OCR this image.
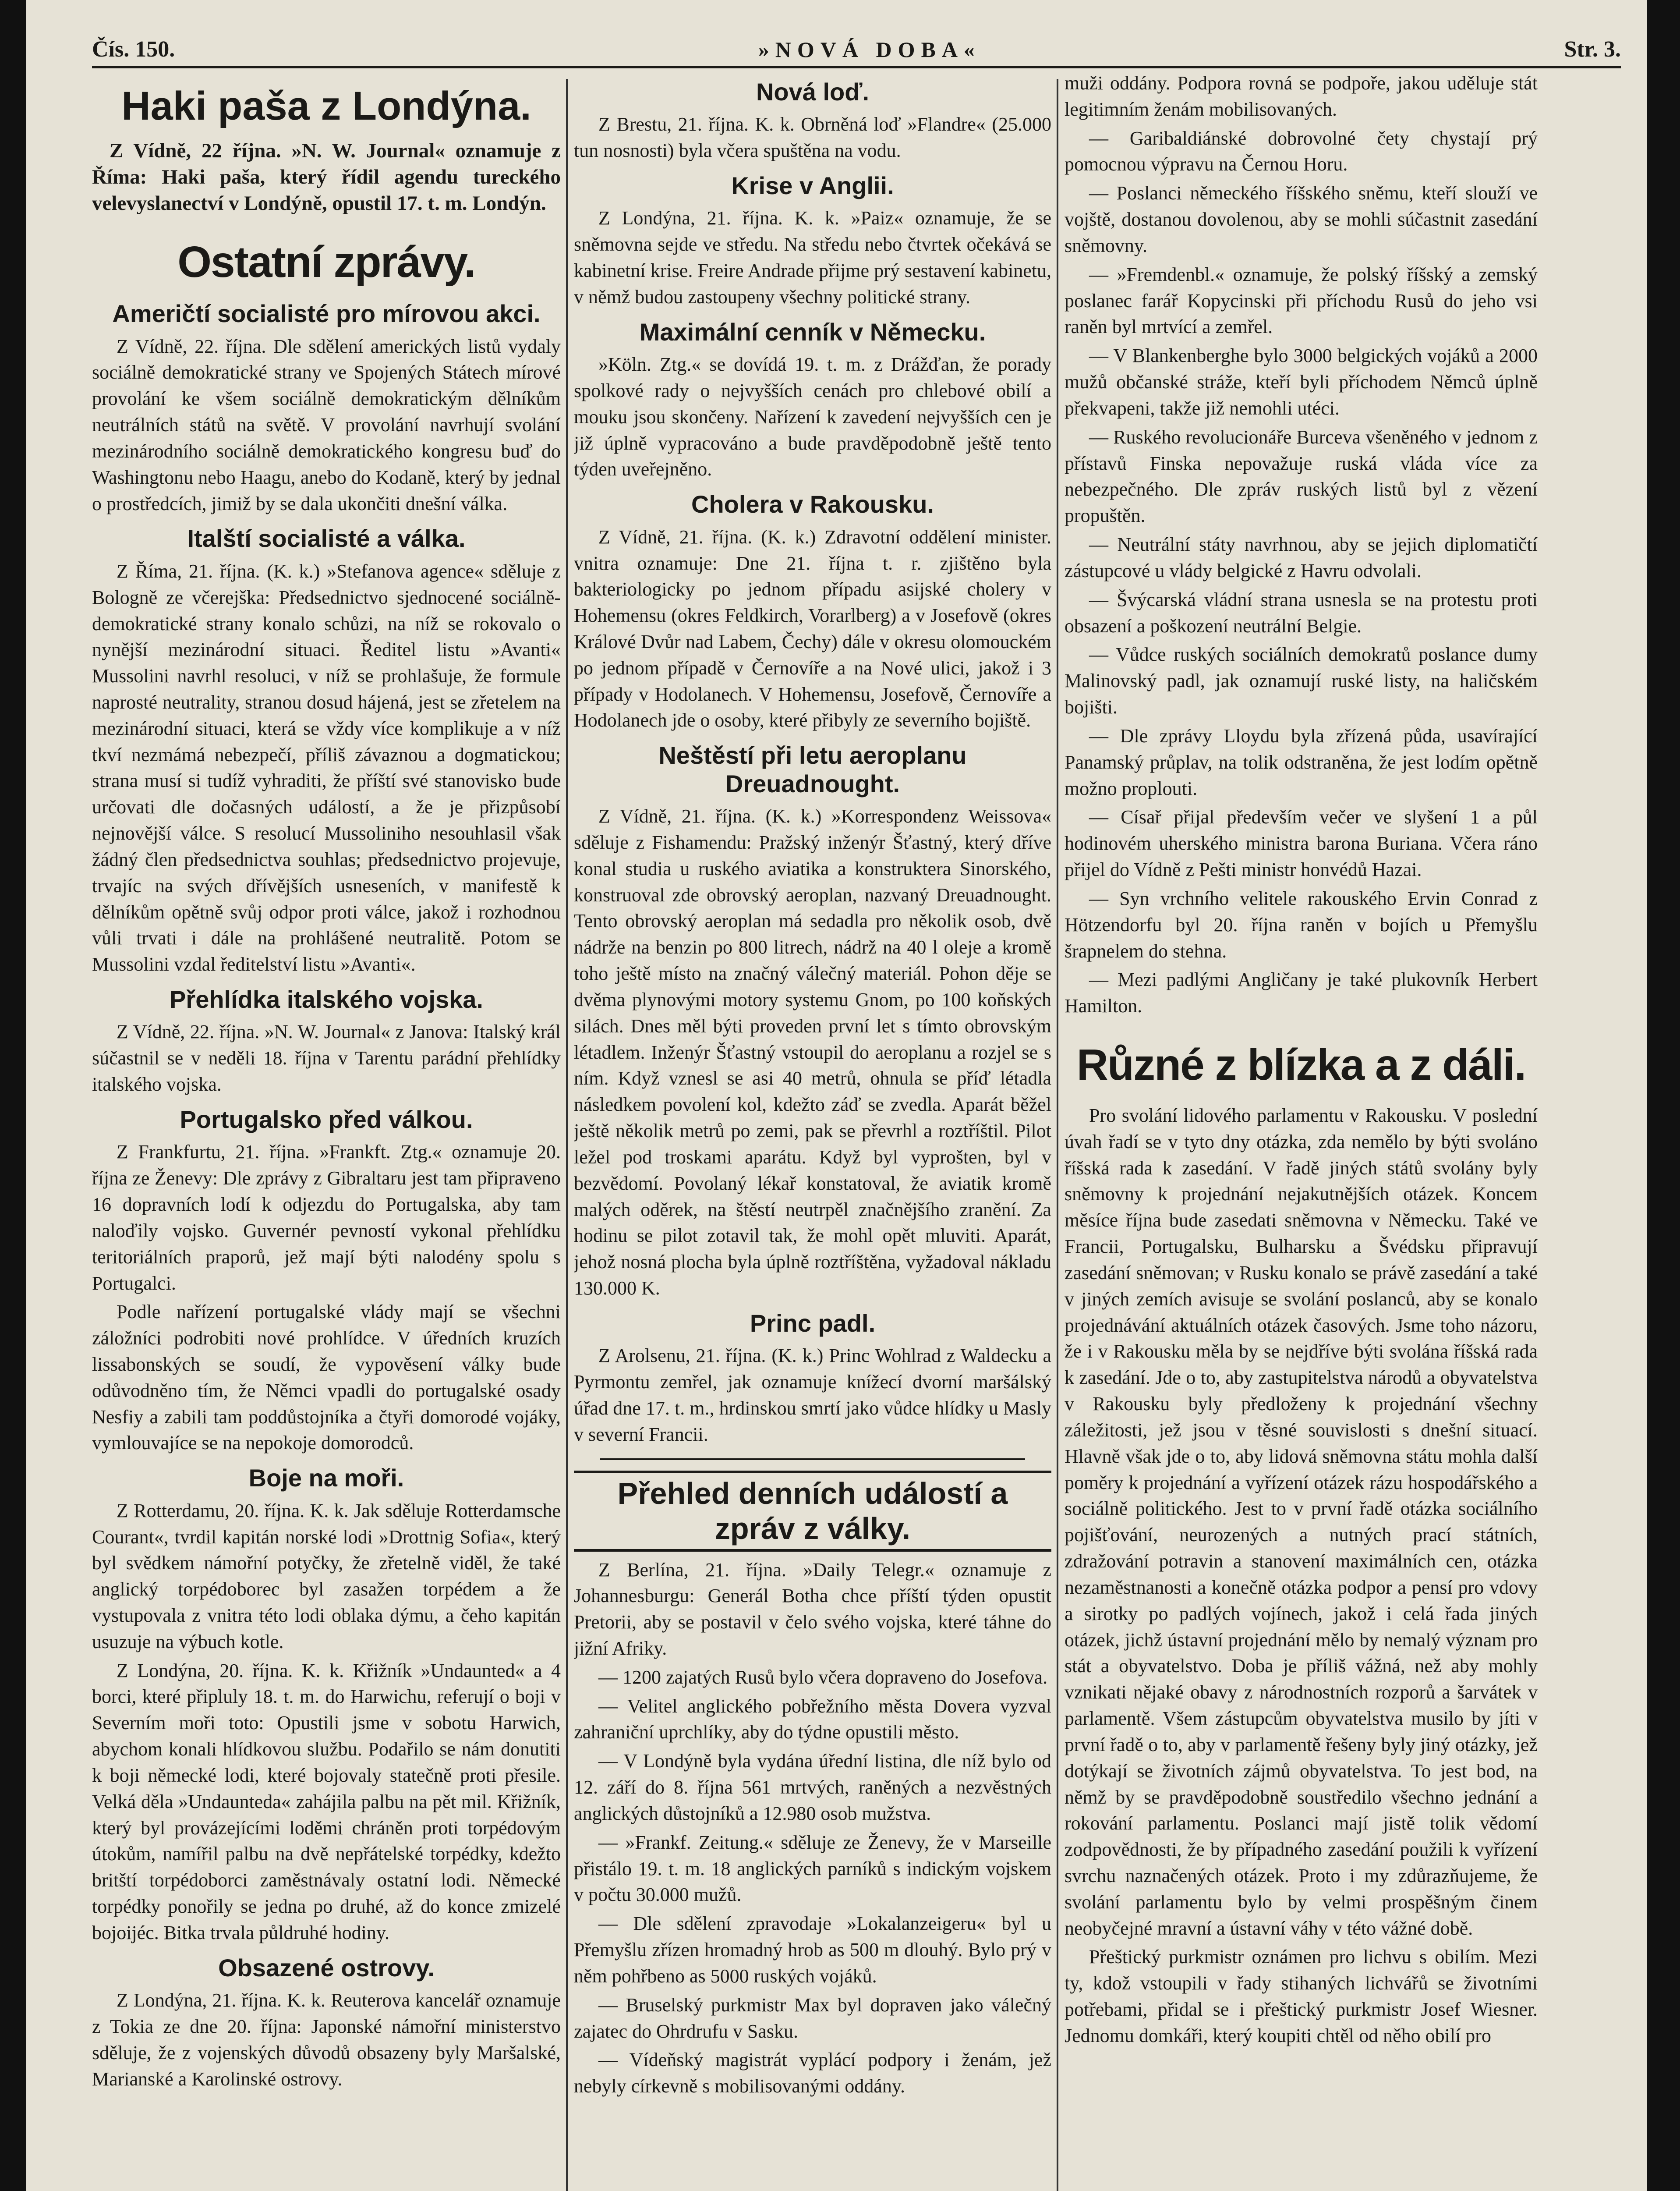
Čís. 150.	»NOVÁ DOBA«	Str. 3.
Haki paša z Londýna.

Z Vídně, 22 října. »N. W. Journal« oznamuje z Říma: Haki paša, který řídil agendu tureckého velevyslanectví v Londýně, opustil 17. t. m. Londýn.

Ostatní zprávy.
Američtí socialisté pro mírovou akci.

Z Vídně, 22. října. Dle sdělení amerických listů vydaly sociálně demokratické strany ve Spojených Státech mírové provolání ke všem sociálně demokratickým dělníkům neutrálních států na světě. V provolání navrhují svolání mezinárodního sociálně demokratického kongresu buď do Washingtonu nebo Haagu, anebo do Kodaně, který by jednal o prostředcích, jimiž by se dala ukončiti dnešní válka.

Italští socialisté a válka.

Z Říma, 21. října. (K. k.) »Stefanova agence« sděluje z Bologně ze včerejška: Předsednictvo sjednocené sociálně-demokratické strany konalo schůzi, na níž se rokovalo o nynější mezinárodní situaci. Ředitel listu »Avanti« Mussolini navrhl resoluci, v níž se prohlašuje, že formule naprosté neutrality, stranou dosud hájená, jest se zřetelem na mezinárodní situaci, která se vždy více komplikuje a v níž tkví nezmámá nebezpečí, příliš závaznou a dogmatickou; strana musí si tudíž vyhraditi, že příští své stanovisko bude určovati dle dočasných událostí, a že je přizpůsobí nejnovější válce. S resolucí Mussoliniho nesouhlasil však žádný člen předsednictva souhlas; předsednictvo projevuje, trvajíc na svých dřívějších usneseních, v manifestě k dělníkům opětně svůj odpor proti válce, jakož i rozhodnou vůli trvati i dále na prohlášené neutralitě. Potom se Mussolini vzdal ředitelství listu »Avanti«.

Přehlídka italského vojska.

Z Vídně, 22. října. »N. W. Journal« z Janova: Italský král súčastnil se v neděli 18. října v Tarentu parádní přehlídky italského vojska.

Portugalsko před válkou.

Z Frankfurtu, 21. října. »Frankft. Ztg.« oznamuje 20. října ze Ženevy: Dle zprávy z Gibraltaru jest tam připraveno 16 dopravních lodí k odjezdu do Portugalska, aby tam naloďily vojsko. Guvernér pevností vykonal přehlídku teritoriálních praporů, jež mají býti nalodény spolu s Portugalci.

Podle nařízení portugalské vlády mají se všechni záložníci podrobiti nové prohlídce. V úředních kruzích lissabonských se soudí, že vypověsení války bude odůvodněno tím, že Němci vpadli do portugalské osady Nesfiy a zabili tam poddůstojníka a čtyři domorodé vojáky, vymlouvajíce se na nepokoje domorodců.

Boje na moři.

Z Rotterdamu, 20. října. K. k. Jak sděluje Rotterdamsche Courant«, tvrdil kapitán norské lodi »Drottnig Sofia«, který byl svědkem námořní potyčky, že zřetelně viděl, že také anglický torpédoborec byl zasažen torpédem a že vystupovala z vnitra této lodi oblaka dýmu, a čeho kapitán usuzuje na výbuch kotle.

Z Londýna, 20. října. K. k. Křižník »Undaunted« a 4 borci, které připluly 18. t. m. do Harwichu, referují o boji v Severním moři toto: Opustili jsme v sobotu Harwich, abychom konali hlídkovou službu. Podařilo se nám donutiti k boji německé lodi, které bojovaly statečně proti přesile. Velká děla »Undaunteda« zahájila palbu na pět mil. Křižník, který byl provázejícími loděmi chráněn proti torpédovým útokům, namířil palbu na dvě nepřátelské torpédky, kdežto britští torpédoborci zaměstnávaly ostatní lodi. Německé torpédky ponořily se jedna po druhé, až do konce zmizelé bojoijéc. Bitka trvala půldruhé hodiny.

Obsazené ostrovy.

Z Londýna, 21. října. K. k. Reuterova kancelář oznamuje z Tokia ze dne 20. října: Japonské námořní ministerstvo sděluje, že z vojenských důvodů obsazeny byly Maršalské, Marianské a Karolinské ostrovy.

Nová loď.

Z Brestu, 21. října. K. k. Obrněná loď »Flandre« (25.000 tun nosnosti) byla včera spuštěna na vodu.

Krise v Anglii.

Z Londýna, 21. října. K. k. »Paiz« oznamuje, že se sněmovna sejde ve středu. Na středu nebo čtvrtek očekává se kabinetní krise. Freire Andrade přijme prý sestavení kabinetu, v němž budou zastoupeny všechny politické strany.

Maximální cenník v Německu.

»Köln. Ztg.« se dovídá 19. t. m. z Drážďan, že porady spolkové rady o nejvyšších cenách pro chlebové obilí a mouku jsou skončeny. Nařízení k zavedení nejvyšších cen je již úplně vypracováno a bude pravděpodobně ještě tento týden uveřejněno.

Cholera v Rakousku.

Z Vídně, 21. října. (K. k.) Zdravotní oddělení minister. vnitra oznamuje: Dne 21. října t. r. zjištěno byla bakteriologicky po jednom případu asijské cholery v Hohemensu (okres Feldkirch, Vorarlberg) a v Josefově (okres Králové Dvůr nad Labem, Čechy) dále v okresu olomouckém po jednom případě v Černovíře a na Nové ulici, jakož i 3 případy v Hodolanech. V Hohemensu, Josefově, Černovíře a Hodolanech jde o osoby, které přibyly ze severního bojiště.

Neštěstí při letu aeroplanu Dreuadnought.

Z Vídně, 21. října. (K. k.) »Korrespondenz Weissova« sděluje z Fishamendu: Pražský inženýr Šťastný, který dříve konal studia u ruského aviatika a konstruktera Sinorského, konstruoval zde obrovský aeroplan, nazvaný Dreuadnought. Tento obrovský aeroplan má sedadla pro několik osob, dvě nádrže na benzin po 800 litrech, nádrž na 40 l oleje a kromě toho ještě místo na značný válečný materiál. Pohon děje se dvěma plynovými motory systemu Gnom, po 100 koňských silách. Dnes měl býti proveden první let s tímto obrovským létadlem. Inženýr Šťastný vstoupil do aeroplanu a rozjel se s ním. Když vznesl se asi 40 metrů, ohnula se příď létadla následkem povolení kol, kdežto záď se zvedla. Aparát běžel ještě několik metrů po zemi, pak se převrhl a roztříštil. Pilot ležel pod troskami aparátu. Když byl vyprošten, byl v bezvědomí. Povolaný lékař konstatoval, že aviatik kromě malých oděrek, na štěstí neutrpěl značnějšího zranění. Za hodinu se pilot zotavil tak, že mohl opět mluviti. Aparát, jehož nosná plocha byla úplně roztříštěna, vyžadoval nákladu 130.000 K.

Princ padl.

Z Arolsenu, 21. října. (K. k.) Princ Wohlrad z Waldecku a Pyrmontu zemřel, jak oznamuje knížecí dvorní maršálský úřad dne 17. t. m., hrdinskou smrtí jako vůdce hlídky u Masly v severní Francii.

Přehled denních událostí a zpráv z války.

Z Berlína, 21. října. »Daily Telegr.« oznamuje z Johannesburgu: Generál Botha chce příští týden opustit Pretorii, aby se postavil v čelo svého vojska, které táhne do jižní Afriky.

— 1200 zajatých Rusů bylo včera dopraveno do Josefova.

— Velitel anglického pobřežního města Dovera vyzval zahraniční uprchlíky, aby do týdne opustili město.

— V Londýně byla vydána úřední listina, dle níž bylo od 12. září do 8. října 561 mrtvých, raněných a nezvěstných anglických důstojníků a 12.980 osob mužstva.

— »Frankf. Zeitung.« sděluje ze Ženevy, že v Marseille přistálo 19. t. m. 18 anglických parníků s indickým vojskem v počtu 30.000 mužů.

— Dle sdělení zpravodaje »Lokalanzeigeru« byl u Přemyšlu zřízen hromadný hrob as 500 m dlouhý. Bylo prý v něm pohřbeno as 5000 ruských vojáků.

— Bruselský purkmistr Max byl dopraven jako válečný zajatec do Ohrdrufu v Sasku.

— Vídeňský magistrát vyplácí podpory i ženám, jež nebyly církevně s mobilisovanými oddány.

muži oddány. Podpora rovná se podpoře, jakou uděluje stát legitimním ženám mobilisovaných.

— Garibaldiánské dobrovolné čety chystají prý pomocnou výpravu na Černou Horu.

— Poslanci německého říšského sněmu, kteří slouží ve vojště, dostanou dovolenou, aby se mohli súčastnit zasedání sněmovny.

— »Fremdenbl.« oznamuje, že polský říšský a zemský poslanec farář Kopycinski při příchodu Rusů do jeho vsi raněn byl mrtvící a zemřel.

— V Blankenberghe bylo 3000 belgických vojáků a 2000 mužů občanské stráže, kteří byli příchodem Němců úplně překvapeni, takže již nemohli utéci.

— Ruského revolucionáře Burceva všeněného v jednom z přístavů Finska nepovažuje ruská vláda více za nebezpečného. Dle zpráv ruských listů byl z vězení propuštěn.

— Neutrální státy navrhnou, aby se jejich diplomatičtí zástupcové u vlády belgické z Havru odvolali.

— Švýcarská vládní strana usnesla se na protestu proti obsazení a poškození neutrální Belgie.

— Vůdce ruských sociálních demokratů poslance dumy Malinovský padl, jak oznamují ruské listy, na haličském bojišti.

— Dle zprávy Lloydu byla zřízená půda, usavírající Panamský průplav, na tolik odstraněna, že jest lodím opětně možno proplouti.

— Císař přijal především večer ve slyšení 1 a půl hodinovém uherského ministra barona Buriana. Včera ráno přijel do Vídně z Pešti ministr honvédů Hazai.

— Syn vrchního velitele rakouského Ervin Conrad z Hötzendorfu byl 20. října raněn v bojích u Přemyšlu šrapnelem do stehna.

— Mezi padlými Angličany je také plukovník Herbert Hamilton.

Různé z blízka a z dáli.

Pro svolání lidového parlamentu v Rakousku. V poslední úvah řadí se v tyto dny otázka, zda nemělo by býti svoláno říšská rada k zasedání. V řadě jiných států svolány byly sněmovny k projednání nejakutnějších otázek. Koncem měsíce října bude zasedati sněmovna v Německu. Také ve Francii, Portugalsku, Bulharsku a Švédsku připravují zasedání sněmovan; v Rusku konalo se právě zasedání a také v jiných zemích avisuje se svolání poslanců, aby se konalo projednávání aktuálních otázek časových. Jsme toho názoru, že i v Rakousku měla by se nejdříve býti svolána říšská rada k zasedání. Jde o to, aby zastupitelstva národů a obyvatelstva v Rakousku byly předloženy k projednání všechny záležitosti, jež jsou v těsné souvislosti s dnešní situací. Hlavně však jde o to, aby lidová sněmovna státu mohla další poměry k projednání a vyřízení otázek rázu hospodářského a sociálně politického. Jest to v první řadě otázka sociálního pojišťování, neurozených a nutných prací státních, zdražování potravin a stanovení maximálních cen, otázka nezaměstnanosti a konečně otázka podpor a pensí pro vdovy a sirotky po padlých vojínech, jakož i celá řada jiných otázek, jichž ústavní projednání mělo by nemalý význam pro stát a obyvatelstvo. Doba je příliš vážná, než aby mohly vznikati nějaké obavy z národnostních rozporů a šarvátek v parlamentě. Všem zástupcům obyvatelstva musilo by jíti v první řadě o to, aby v parlamentě řešeny byly jiný otázky, jež dotýkají se životních zájmů obyvatelstva. To jest bod, na němž by se pravděpodobně soustředilo všechno jednání a rokování parlamentu. Poslanci mají jistě tolik vědomí zodpovědnosti, že by případného zasedání použili k vyřízení svrchu naznačených otázek. Proto i my zdůrazňujeme, že svolání parlamentu bylo by velmi prospěšným činem neobyčejné mravní a ústavní váhy v této vážné době.

Přeštický purkmistr oznámen pro lichvu s obilím. Mezi ty, kdož vstoupili v řady stihaných lichvářů se životními potřebami, přidal se i přeštický purkmistr Josef Wiesner. Jednomu domkáři, který koupiti chtěl od něho obilí pro
